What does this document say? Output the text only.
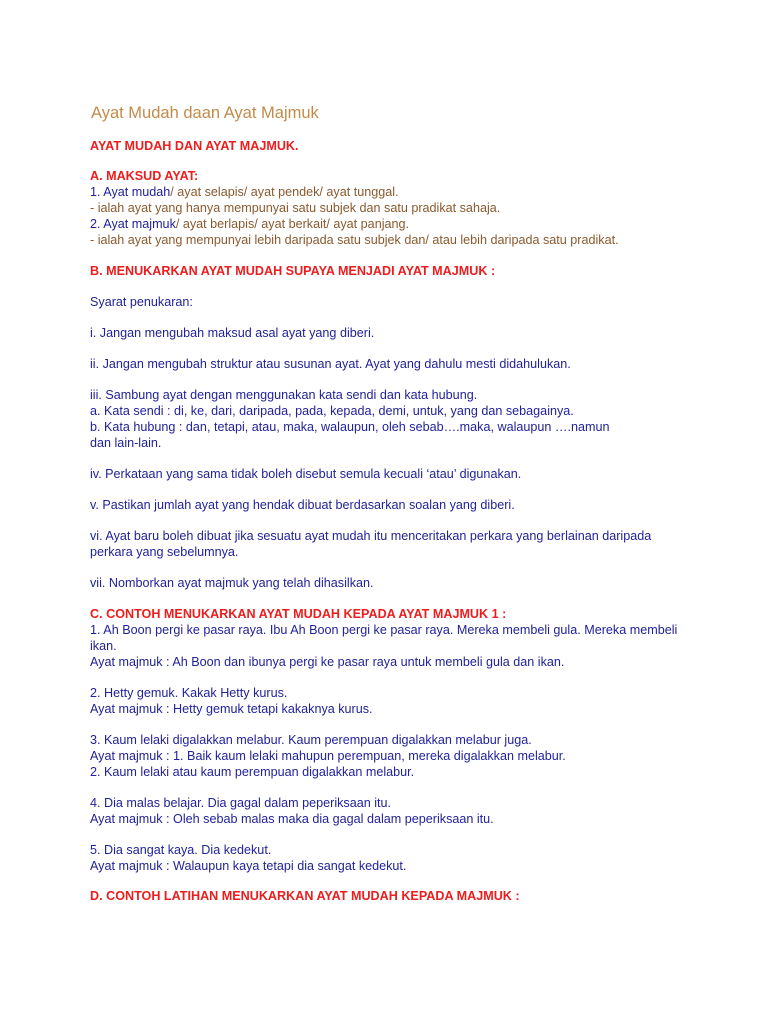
Ayat Mudah daan Ayat Majmuk
AYAT MUDAH DAN AYAT MAJMUK.
A. MAKSUD AYAT:
1. Ayat mudah/ ayat selapis/ ayat pendek/ ayat tunggal.
- ialah ayat yang hanya mempunyai satu subjek dan satu pradikat sahaja.
2. Ayat majmuk/ ayat berlapis/ ayat berkait/ ayat panjang.
- ialah ayat yang mempunyai lebih daripada satu subjek dan/ atau lebih daripada satu pradikat.
B. MENUKARKAN AYAT MUDAH SUPAYA MENJADI AYAT MAJMUK :
Syarat penukaran:
i. Jangan mengubah maksud asal ayat yang diberi.
ii. Jangan mengubah struktur atau susunan ayat. Ayat yang dahulu mesti didahulukan.
iii. Sambung ayat dengan menggunakan kata sendi dan kata hubung.
a. Kata sendi : di, ke, dari, daripada, pada, kepada, demi, untuk, yang dan sebagainya.
b. Kata hubung : dan, tetapi, atau, maka, walaupun, oleh sebab….maka, walaupun ….namun
dan lain-lain.
iv. Perkataan yang sama tidak boleh disebut semula kecuali ‘atau’ digunakan.
v. Pastikan jumlah ayat yang hendak dibuat berdasarkan soalan yang diberi.
vi. Ayat baru boleh dibuat jika sesuatu ayat mudah itu menceritakan perkara yang berlainan daripada
perkara yang sebelumnya.
vii. Nomborkan ayat majmuk yang telah dihasilkan.
C. CONTOH MENUKARKAN AYAT MUDAH KEPADA AYAT MAJMUK 1 :
1. Ah Boon pergi ke pasar raya. Ibu Ah Boon pergi ke pasar raya. Mereka membeli gula. Mereka membeli
ikan.
Ayat majmuk : Ah Boon dan ibunya pergi ke pasar raya untuk membeli gula dan ikan.
2. Hetty gemuk. Kakak Hetty kurus.
Ayat majmuk : Hetty gemuk tetapi kakaknya kurus.
3. Kaum lelaki digalakkan melabur. Kaum perempuan digalakkan melabur juga.
Ayat majmuk : 1. Baik kaum lelaki mahupun perempuan, mereka digalakkan melabur.
2. Kaum lelaki atau kaum perempuan digalakkan melabur.
4. Dia malas belajar. Dia gagal dalam peperiksaan itu.
Ayat majmuk : Oleh sebab malas maka dia gagal dalam peperiksaan itu.
5. Dia sangat kaya. Dia kedekut.
Ayat majmuk : Walaupun kaya tetapi dia sangat kedekut.
D. CONTOH LATIHAN MENUKARKAN AYAT MUDAH KEPADA MAJMUK :
